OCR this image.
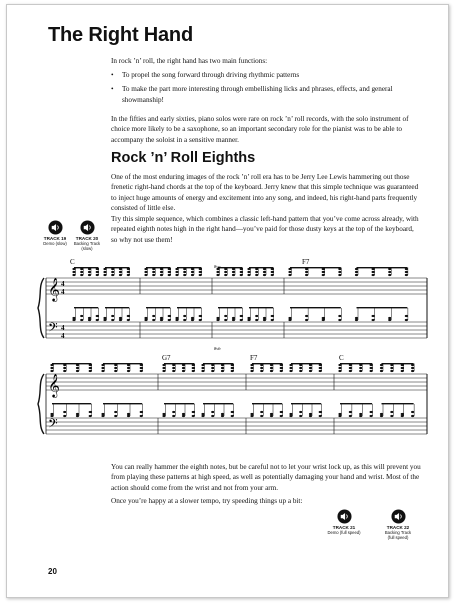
The Right Hand

In rock ’n’ roll, the right hand has two main functions:

• To propel the song forward through driving rhythmic patterns
• To make the part more interesting through embellishing licks and phrases, effects, and general showmanship!

In the fifties and early sixties, piano solos were rare on rock ’n’ roll records, with the solo instrument of choice more likely to be a saxophone, so an important secondary role for the pianist was to be able to accompany the soloist in a sensitive manner.

Rock ’n’ Roll Eighths

One of the most enduring images of the rock ’n’ roll era has to be Jerry Lee Lewis hammering out those frenetic right-hand chords at the top of the keyboard. Jerry knew that this simple technique was guaranteed to inject huge amounts of energy and excitement into any song, and indeed, his right-hand parts frequently consisted of little else.

Try this simple sequence, which combines a classic left-hand pattern that you’ve come across already, with repeated eighth notes high in the right hand—you’ve paid for those dusty keys at the top of the keyboard, so why not use them!

TRACK 19
Demo (slow)
TRACK 20
Backing Track (slow)
C	F7
𝄞
𝄢
4
4
4
4
8va
8vb
G7	F7	C
𝄞
𝄢

You can really hammer the eighth notes, but be careful not to let your wrist lock up, as this will prevent you from playing these patterns at high speed, as well as potentially damaging your hand and wrist. Most of the action should come from the wrist and not from your arm.

Once you’re happy at a slower tempo, try speeding things up a bit:

TRACK 21
Demo (full speed)
TRACK 22
Backing Track (full speed)

20
